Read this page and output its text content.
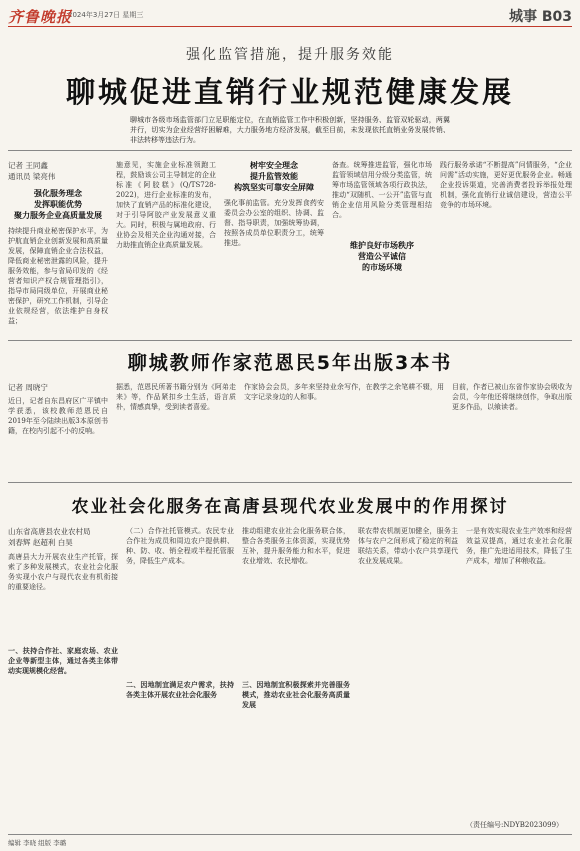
2024年3月27日 星期三	城事 B03
齐鲁晚报
强化监管措施，提升服务效能
聊城促进直销行业规范健康发展
聊城市各级市场监管部门立足职能定位，在直销监管工作中积极创新，坚持服务、监管双轮驱动，两翼并行，切实为企业经营纾困解难，大力服务地方经济发展，截至目前，未发现依托直销业务发展传销、非法转移等违法行为。
记者 王同鑫
通讯员 梁亮伟
强化服务理念
发挥职能优势
聚力服务企业高质量发展
持续提升商业秘密保护水平，为护航直销企业创新发展和高质量发展，保障直销企业合法权益，降低商业秘密泄露的风险，提升服务效能，参与省局印发的《经营者知识产权合规管理指引》，指导市局同级单位，开展商业秘密保护，研究工作机制，引导企业依规经营，依法维护自身权益；
施意见，实施企业标准领跑工程，鼓励该公司主导制定的企业标准《阿胶糕》(Q/TS728-2022)，进行企业标准的发布，加快了直销产品的标准化建设，对于引导阿胶产业发展意义重大。同时，积极与属地政府、行业协会及相关企业沟通对接，合力助推直销企业高质量发展。
树牢安全理念
提升监管效能
构筑坚实可靠安全屏障
强化事前监管。充分发挥食药安委员会办公室的组织、协调、监督、指导职责，加强统筹协调，按照各成员单位职责分工，统筹推进。
备查。统筹推进监管，强化市场监管领域信用分级分类监管，统筹市场监管领域各项行政执法，推动“双随机、一公开”监管与直销企业信用风险分类管理相结合。
维护良好市场秩序
营造公平诚信
的市场环境
践行服务承诺“不断提高”问情服务，“企业问需”活动实施，更好更优服务企业。畅通企业投诉渠道，完善消费者投诉举报处理机制，强化直销行业诚信建设，营造公平竞争的市场环境。
聊城教师作家范恩民5年出版3本书
记者 周晓宁
近日，记者自东昌府区广平镇中学获悉，该校教师范恩民自2019年至今陆续出版3本原创书籍，在校内引起不小的反响。
据悉，范恩民所著书籍分别为《阿弟走来》等，作品紧扣乡土生活，语言质朴，情感真挚，受到读者喜爱。
作家协会会员，多年来坚持业余写作，在教学之余笔耕不辍，用文字记录身边的人和事。
目前，作者已被山东省作家协会吸收为会员，今年他还将继续创作，争取出版更多作品，以飨读者。
农业社会化服务在高唐县现代农业发展中的作用探讨
山东省高唐县农业农村局
刘春辉 赵超利 白昊
高唐县大力开展农业生产托管，探索了多种发展模式，农业社会化服务实现小农户与现代农业有机衔接的重要途径。
一、扶持合作社、家庭农场、农业企业等新型主体，通过各类主体带动实现规模化经营。
（二）合作社托管模式。农民专业合作社为成员和周边农户提供耕、种、防、收、销全程或半程托管服务，降低生产成本。
二、因地制宜满足农户需求，扶持各类主体开展农业社会化服务
推动组建农业社会化服务联合体，整合各类服务主体资源，实现优势互补，提升服务能力和水平，促进农业增效、农民增收。
三、因地制宜积极探索并完善服务模式，推动农业社会化服务高质量发展
联农带农机制更加健全，服务主体与农户之间形成了稳定的利益联结关系，带动小农户共享现代农业发展成果。
一是有效实现农业生产效率和经营效益双提高，通过农业社会化服务，推广先进适用技术，降低了生产成本，增加了种粮收益。
（责任编号:NDYB2023099）
编辑 李晓 组版 李璐
